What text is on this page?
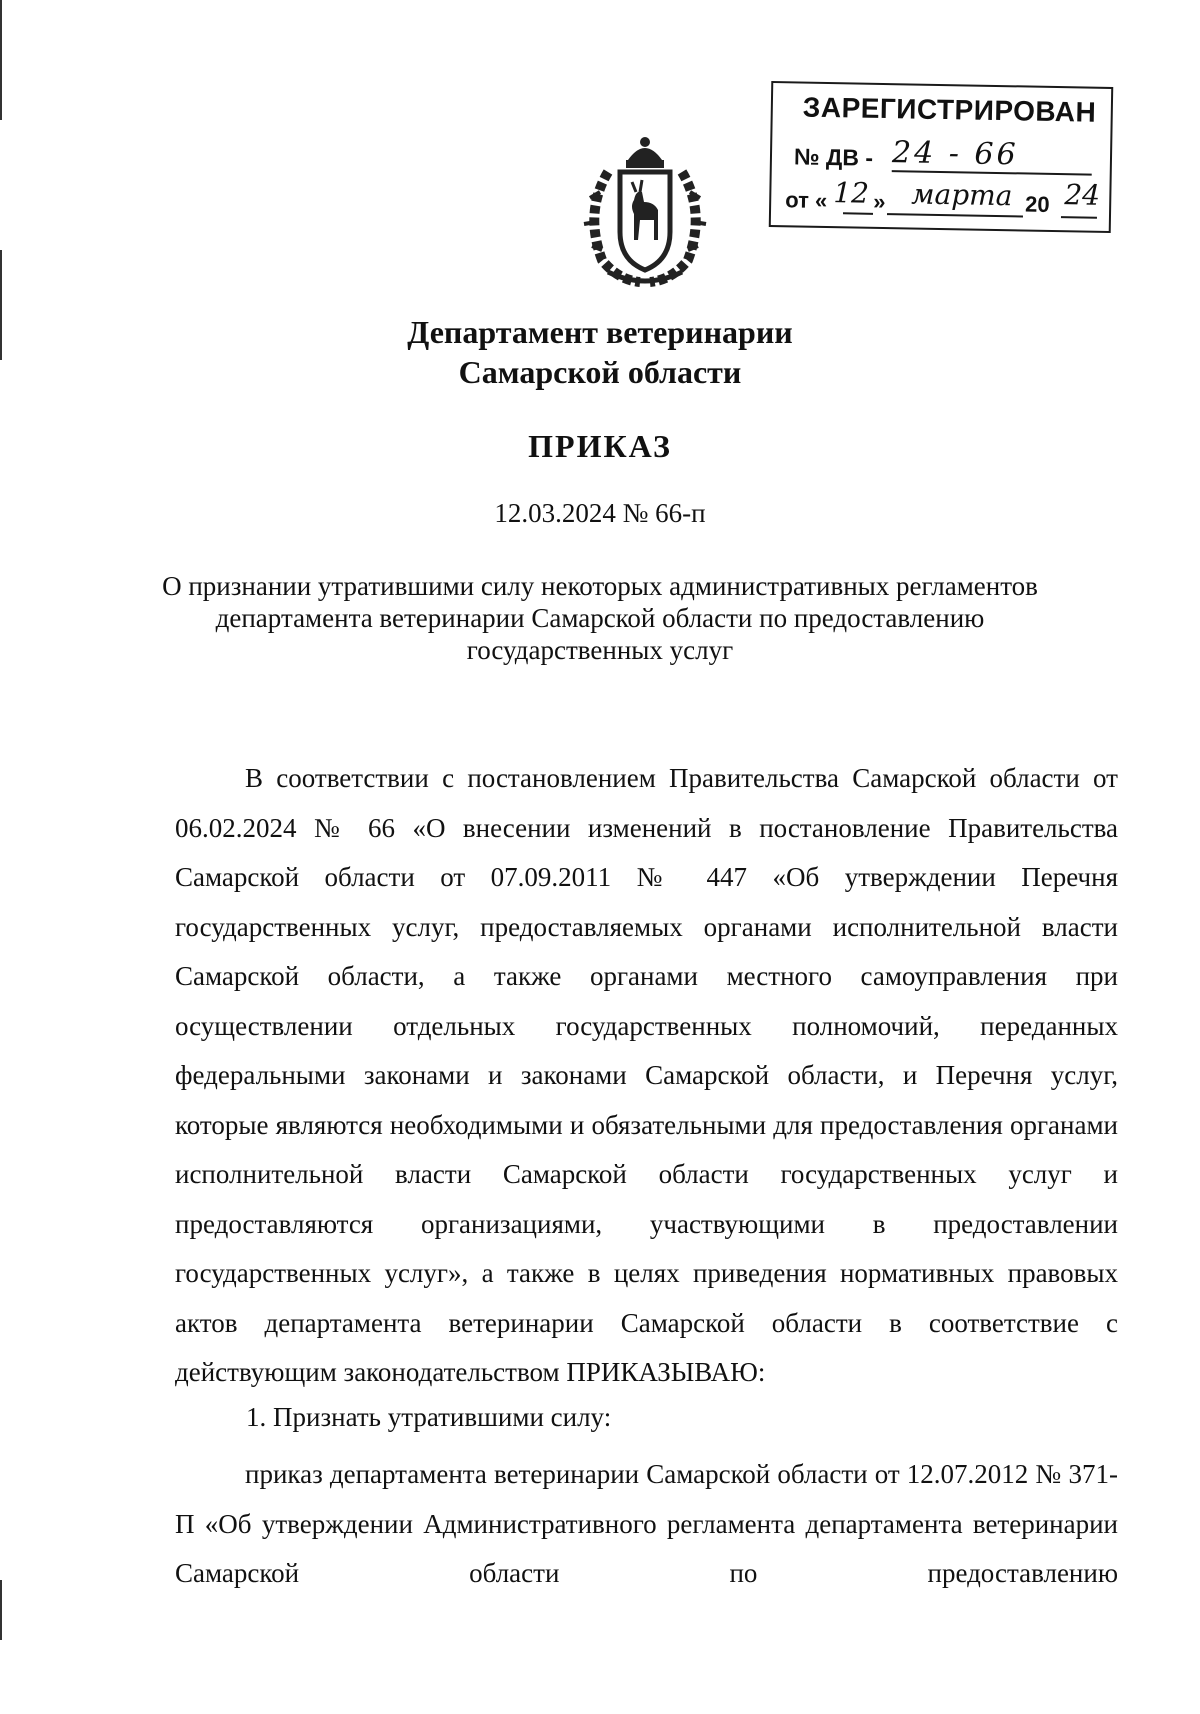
ЗАРЕГИСТРИРОВАН
№ ДВ - 24 - 66
от « 12 » марта 20 24
Департамент ветеринарии
Самарской области
ПРИКАЗ
12.03.2024 № 66-п
О признании утратившими силу некоторых административных регламентов
департамента ветеринарии Самарской области по предоставлению
государственных услуг
В соответствии с постановлением Правительства Самарской области от 06.02.2024 № 66 «О внесении изменений в постановление Правительства Самарской области от 07.09.2011 № 447 «Об утверждении Перечня государственных услуг, предоставляемых органами исполнительной власти Самарской области, а также органами местного самоуправления при осуществлении отдельных государственных полномочий, переданных федеральными законами и законами Самарской области, и Перечня услуг, которые являются необходимыми и обязательными для предоставления органами исполнительной власти Самарской области государственных услуг и предоставляются организациями, участвующими в предоставлении государственных услуг», а также в целях приведения нормативных правовых актов департамента ветеринарии Самарской области в соответствие с действующим законодательством ПРИКАЗЫВАЮ:
1. Признать утратившими силу:
приказ департамента ветеринарии Самарской области от 12.07.2012 № 371-П «Об утверждении Административного регламента департамента ветеринарии Самарской области по предоставлению
